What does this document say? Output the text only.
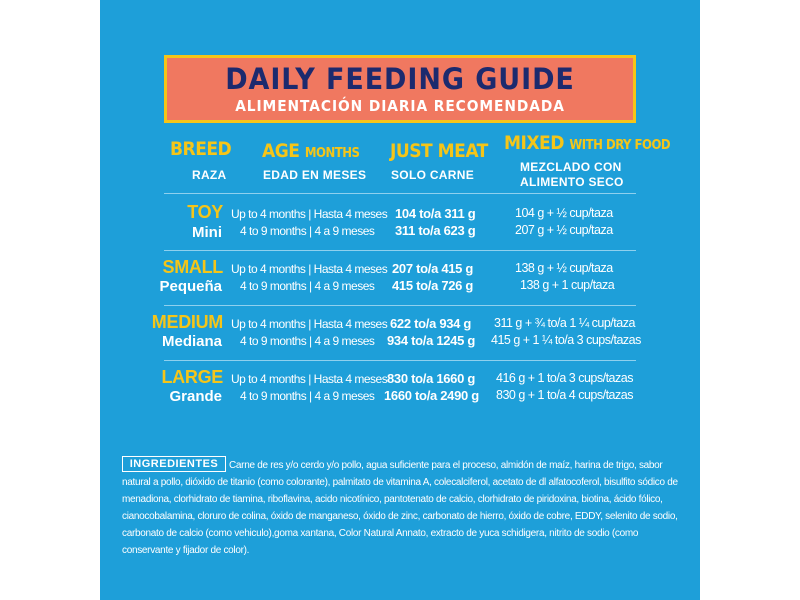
DAILY FEEDING GUIDE
ALIMENTACIÓN DIARIA RECOMENDADA
BREED
RAZA
AGE MONTHS
EDAD EN MESES
JUST MEAT
SOLO CARNE
MIXED WITH DRY FOOD
MEZCLADO CON
ALIMENTO SECO
TOY
Mini
Up to 4 months | Hasta 4 meses
4 to 9 months | 4 a 9 meses
104 to/a 311 g
311 to/a 623 g
104 g + ½ cup/taza
207 g + ½ cup/taza
SMALL
Pequeña
Up to 4 months | Hasta 4 meses
4 to 9 months | 4 a 9 meses
207 to/a 415 g
415 to/a 726 g
138 g + ½ cup/taza
138 g + 1 cup/taza
MEDIUM
Mediana
Up to 4 months | Hasta 4 meses
4 to 9 months | 4 a 9 meses
622 to/a 934 g
934 to/a 1245 g
311 g + ¾ to/a 1 ¼ cup/taza
415 g + 1 ¼ to/a 3 cups/tazas
LARGE
Grande
Up to 4 months | Hasta 4 meses
4 to 9 months | 4 a 9 meses
830 to/a 1660 g
1660 to/a 2490 g
416 g + 1 to/a 3 cups/tazas
830 g + 1 to/a 4 cups/tazas
INGREDIENTES	Carne de res y/o cerdo y/o pollo, agua suficiente para el proceso, almidón de maíz, harina de trigo, sabor natural a pollo, dióxido de titanio (como colorante), palmitato de vitamina A, colecalciferol, acetato de dl alfatocoferol, bisulfito sódico de menadiona, clorhidrato de tiamina, riboflavina, acido nicotínico, pantotenato de calcio, clorhidrato de piridoxina, biotina, ácido fólico, cianocobalamina, cloruro de colina, óxido de manganeso, óxido de zinc, carbonato de hierro, óxido de cobre, EDDY, selenito de sodio, carbonato de calcio (como vehiculo),goma xantana, Color Natural Annato, extracto de yuca schidigera, nitrito de sodio (como conservante y fijador de color).
